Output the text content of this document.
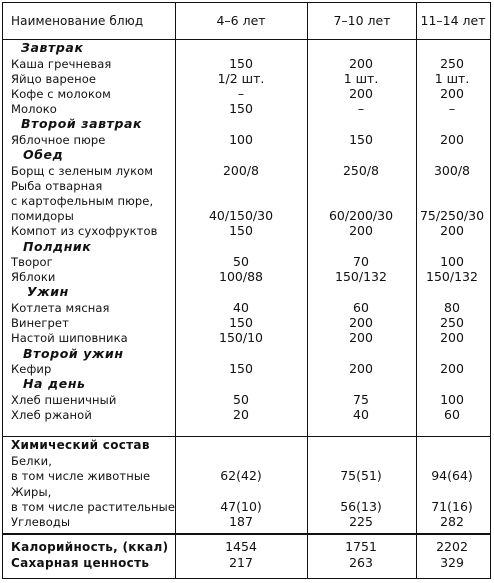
Наименование блюд	4–6 лет	7–10 лет	11–14 лет
Завтрак
Каша гречневая	150	200	250
Яйцо вареное	1/2 шт.	1 шт.	1 шт.
Кофе с молоком	–	200	200
Молоко	150	–	–
Второй завтрак
Яблочное пюре	100	150	200
Обед
Борщ с зеленым луком	200/8	250/8	300/8
Рыба отварная
с картофельным пюре,
помидоры	40/150/30	60/200/30	75/250/30
Компот из сухофруктов	150	200	200
Полдник
Творог	50	70	100
Яблоки	100/88	150/132	150/132
Ужин
Котлета мясная	40	60	80
Винегрет	150	200	250
Настой шиповника	150/10	200	200
Второй ужин
Кефир	150	200	200
На день
Хлеб пшеничный	50	75	100
Хлеб ржаной	20	40	60
Химический состав
Белки,
в том числе животные	62(42)	75(51)	94(64)
Жиры,
в том числе растительные	47(10)	56(13)	71(16)
Углеводы	187	225	282
Калорийность, (ккал)	1454	1751	2202
Сахарная ценность	217	263	329
